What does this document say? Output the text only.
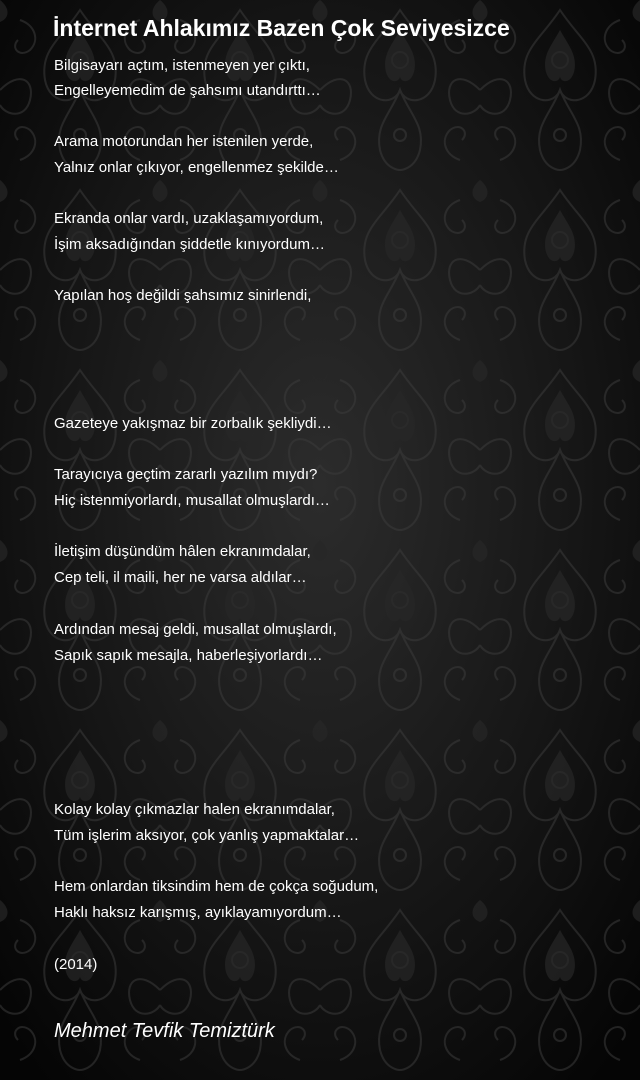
İnternet Ahlakımız Bazen Çok Seviyesizce

Bilgisayarı açtım, istenmeyen yer çıktı,

Engelleyemedim de şahsımı utandırttı…

Arama motorundan her istenilen yerde,

Yalnız onlar çıkıyor, engellenmez şekilde…

Ekranda onlar vardı, uzaklaşamıyordum,

İşim aksadığından şiddetle kınıyordum…

Yapılan hoş değildi şahsımız sinirlendi,

Gazeteye yakışmaz bir zorbalık şekliydi…

Tarayıcıya geçtim zararlı yazılım mıydı?

Hiç istenmiyorlardı, musallat olmuşlardı…

İletişim düşündüm hâlen ekranımdalar,

Cep teli, il maili, her ne varsa aldılar…

Ardından mesaj geldi, musallat olmuşlardı,

Sapık sapık mesajla, haberleşiyorlardı…

Kolay kolay çıkmazlar halen ekranımdalar,

Tüm işlerim aksıyor, çok yanlış yapmaktalar…

Hem onlardan tiksindim hem de çokça soğudum,

Haklı haksız karışmış, ayıklayamıyordum…

(2014)

Mehmet Tevfik Temiztürk
